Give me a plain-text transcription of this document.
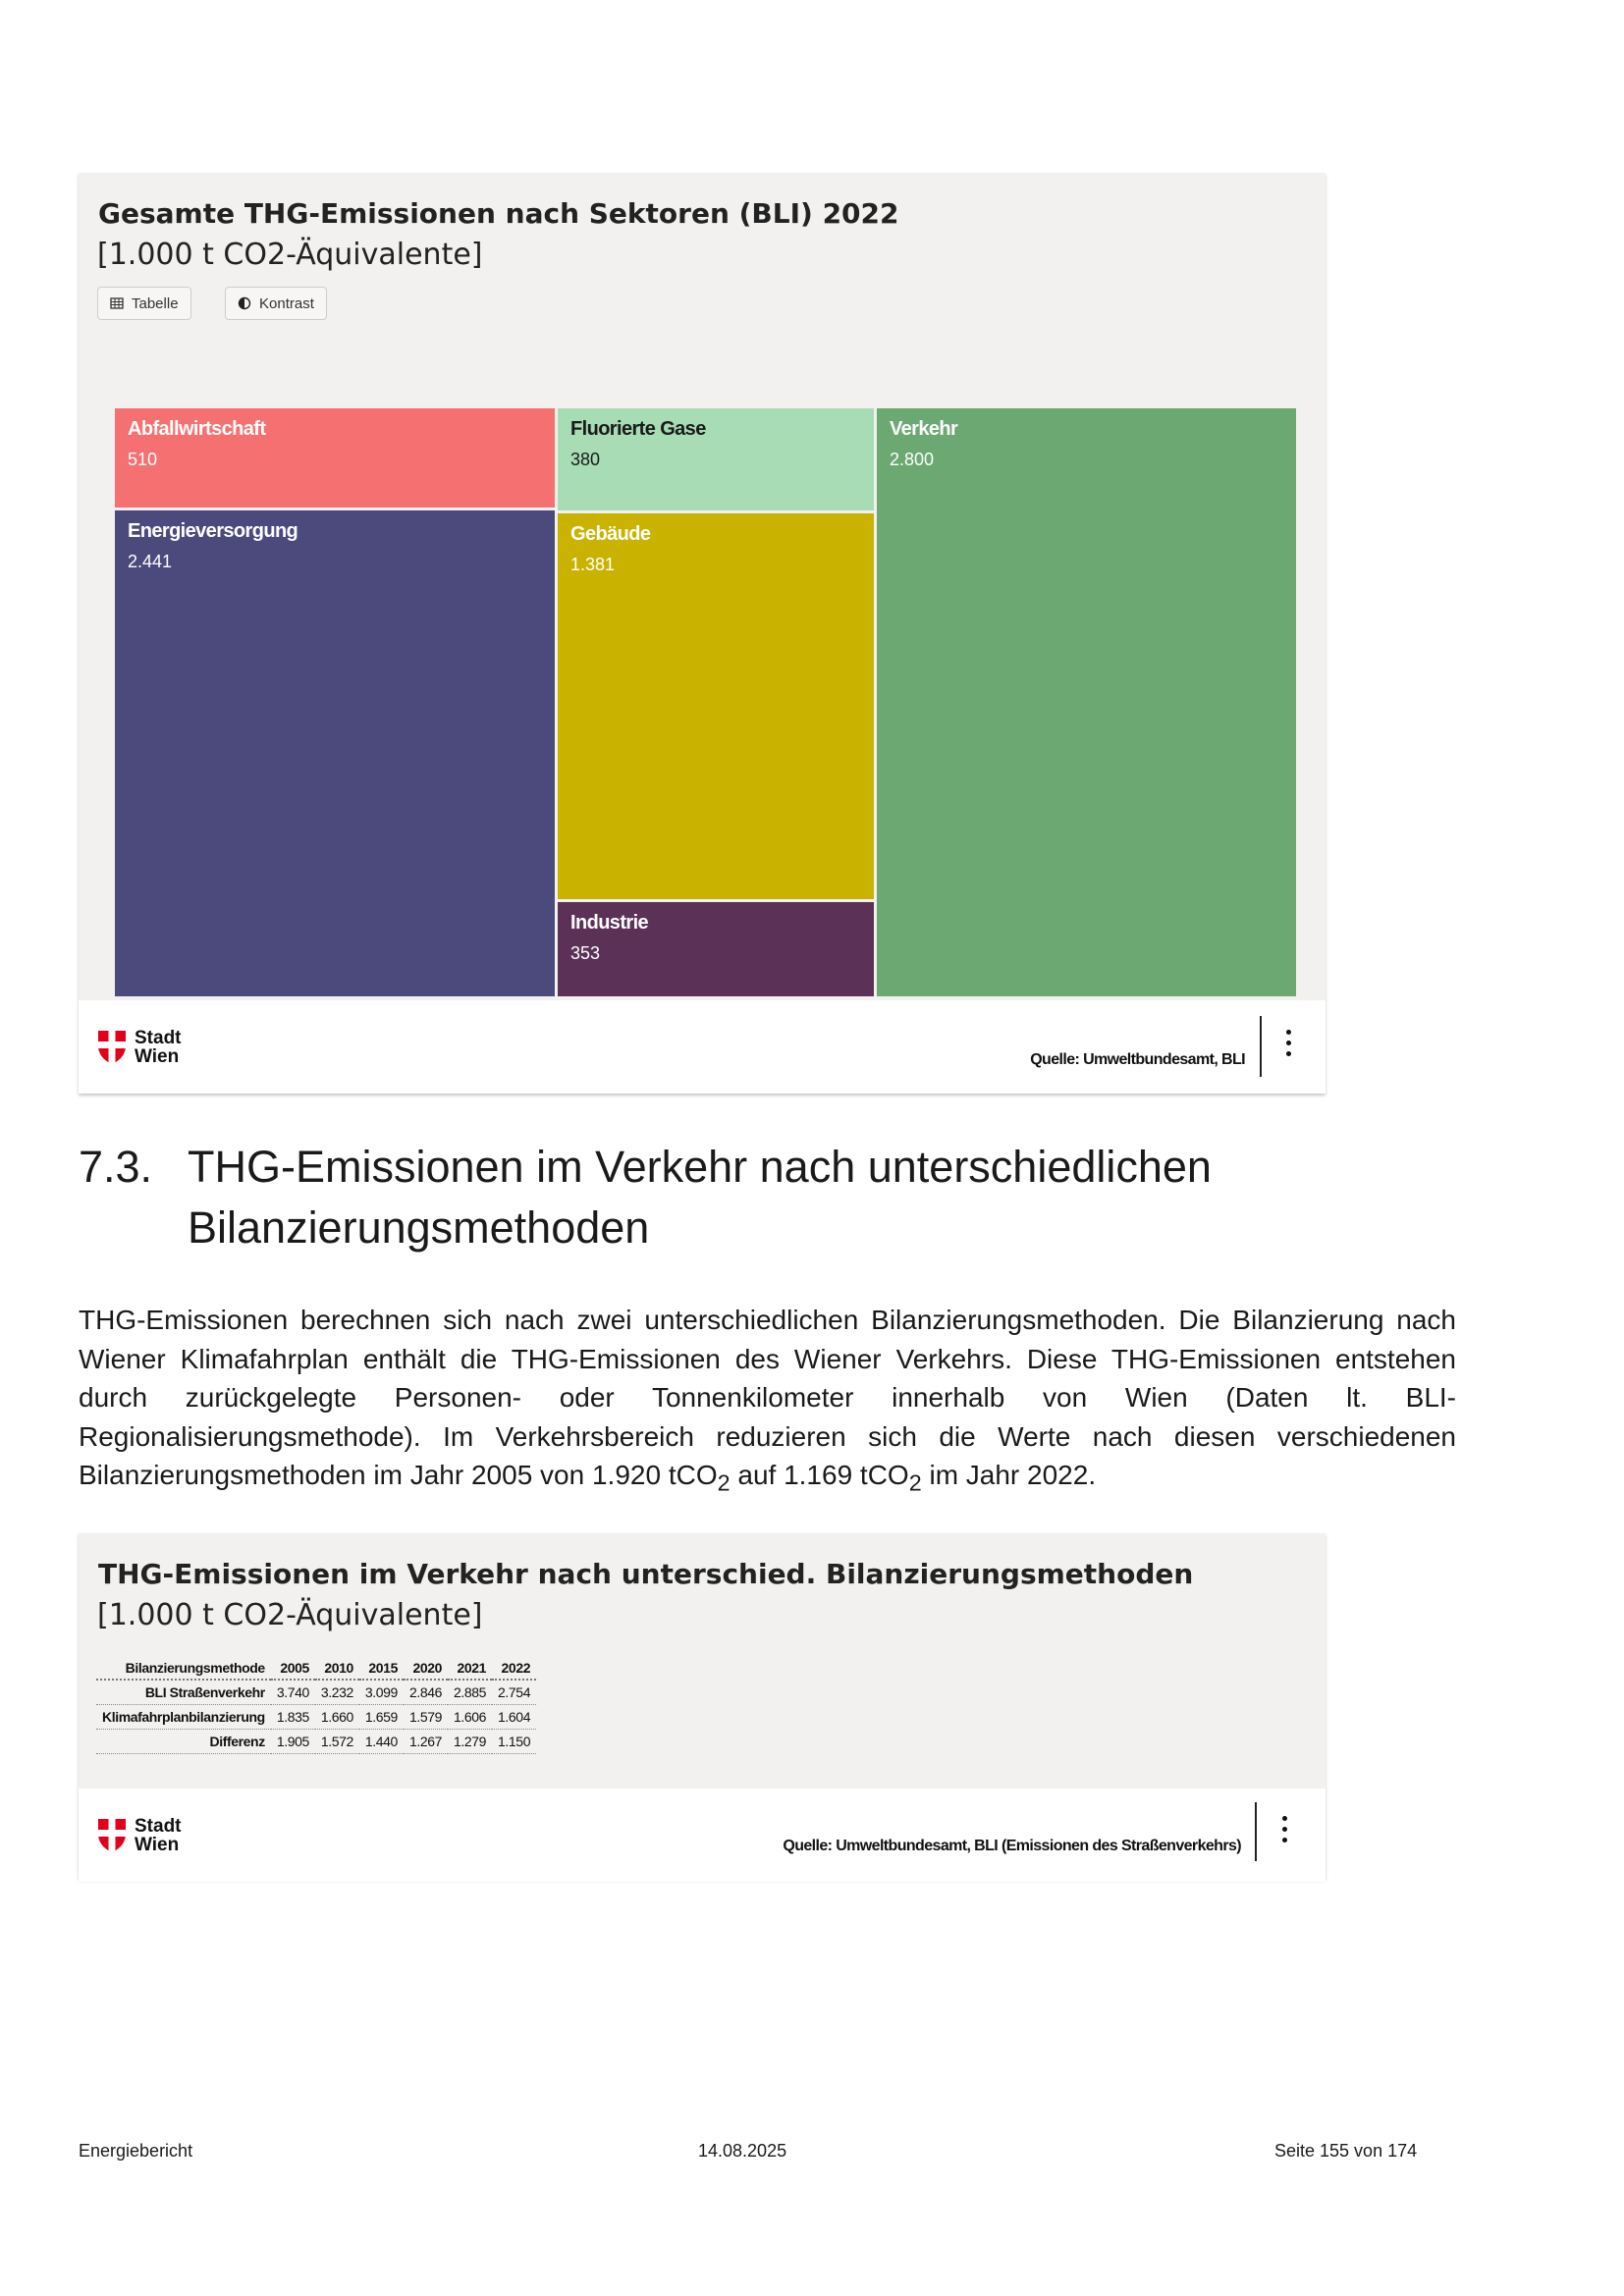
Gesamte THG-Emissionen nach Sektoren (BLI) 2022
[1.000 t CO2-Äquivalente]
Tabelle	Kontrast
Abfallwirtschaft
510
Fluorierte Gase
380
Verkehr
2.800
Energieversorgung
2.441
Gebäude
1.381
Industrie
353
Stadt
Wien	Quelle: Umweltbundesamt, BLI
7.3. THG-Emissionen im Verkehr nach unterschiedlichen Bilanzierungsmethoden
THG-Emissionen berechnen sich nach zwei unterschiedlichen Bilanzierungsmethoden. Die Bilanzierung nach Wiener Klimafahrplan enthält die THG-Emissionen des Wiener Verkehrs. Diese THG-Emissionen entstehen durch zurückgelegte Personen- oder Tonnenkilometer innerhalb von Wien (Daten lt. BLI-Regionalisierungsmethode). Im Verkehrsbereich reduzieren sich die Werte nach diesen verschiedenen Bilanzierungsmethoden im Jahr 2005 von 1.920 tCO$_2$ auf 1.169 tCO$_2$ im Jahr 2022.
THG-Emissionen im Verkehr nach unterschied. Bilanzierungsmethoden
[1.000 t CO2-Äquivalente]
Bilanzierungsmethode	2005	2010	2015	2020	2021	2022
BLI Straßenverkehr	3.740	3.232	3.099	2.846	2.885	2.754
Klimafahrplanbilanzierung	1.835	1.660	1.659	1.579	1.606	1.604
Differenz	1.905	1.572	1.440	1.267	1.279	1.150
Stadt
Wien	Quelle: Umweltbundesamt, BLI (Emissionen des Straßenverkehrs)
Energiebericht	14.08.2025	Seite 155 von 174
